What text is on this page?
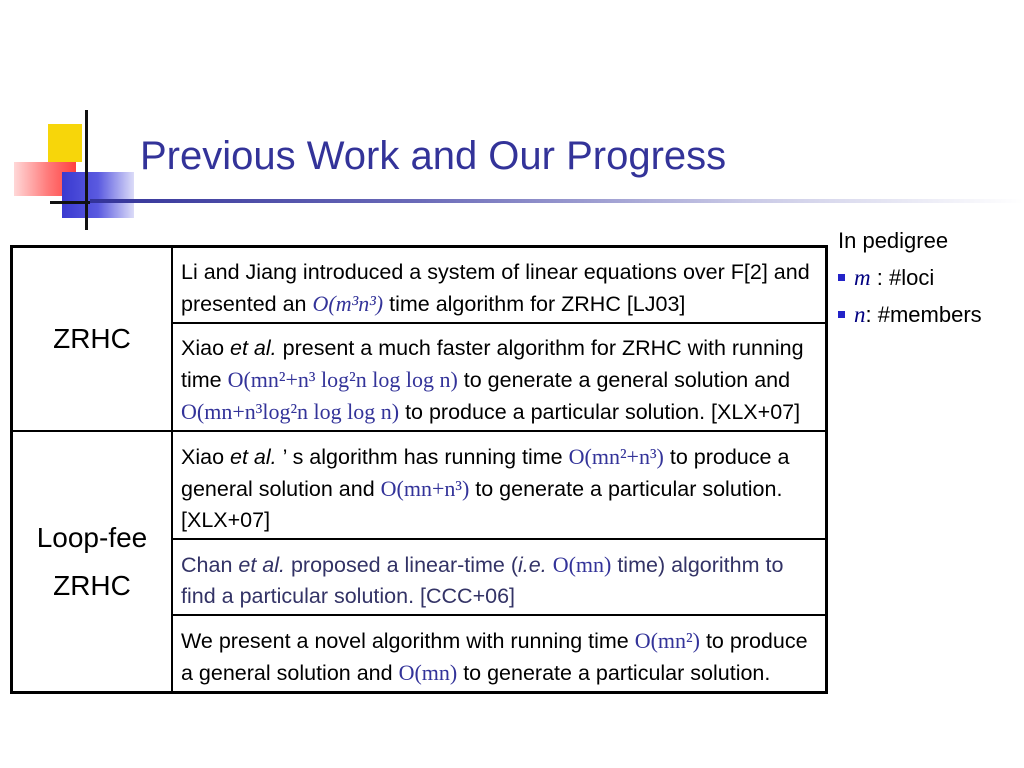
Previous Work and Our Progress
In pedigree
m : #loci
n: #members
ZRHC	Li and Jiang introduced a system of linear equations over F[2] and presented an O(m³n³) time algorithm for ZRHC [LJ03]
	Xiao et al. present a much faster algorithm for ZRHC with running time O(mn²+n³ log²n log log n) to generate a general solution and O(mn+n³log²n log log n) to produce a particular solution. [XLX+07]
Loop-fee
ZRHC	Xiao et al. ’ s algorithm has running time O(mn²+n³) to produce a general solution and O(mn+n³) to generate a particular solution. [XLX+07]
	Chan et al. proposed a linear-time (i.e. O(mn) time) algorithm to find a particular solution. [CCC+06]
	We present a novel algorithm with running time O(mn²) to produce a general solution and O(mn) to generate a particular solution.
